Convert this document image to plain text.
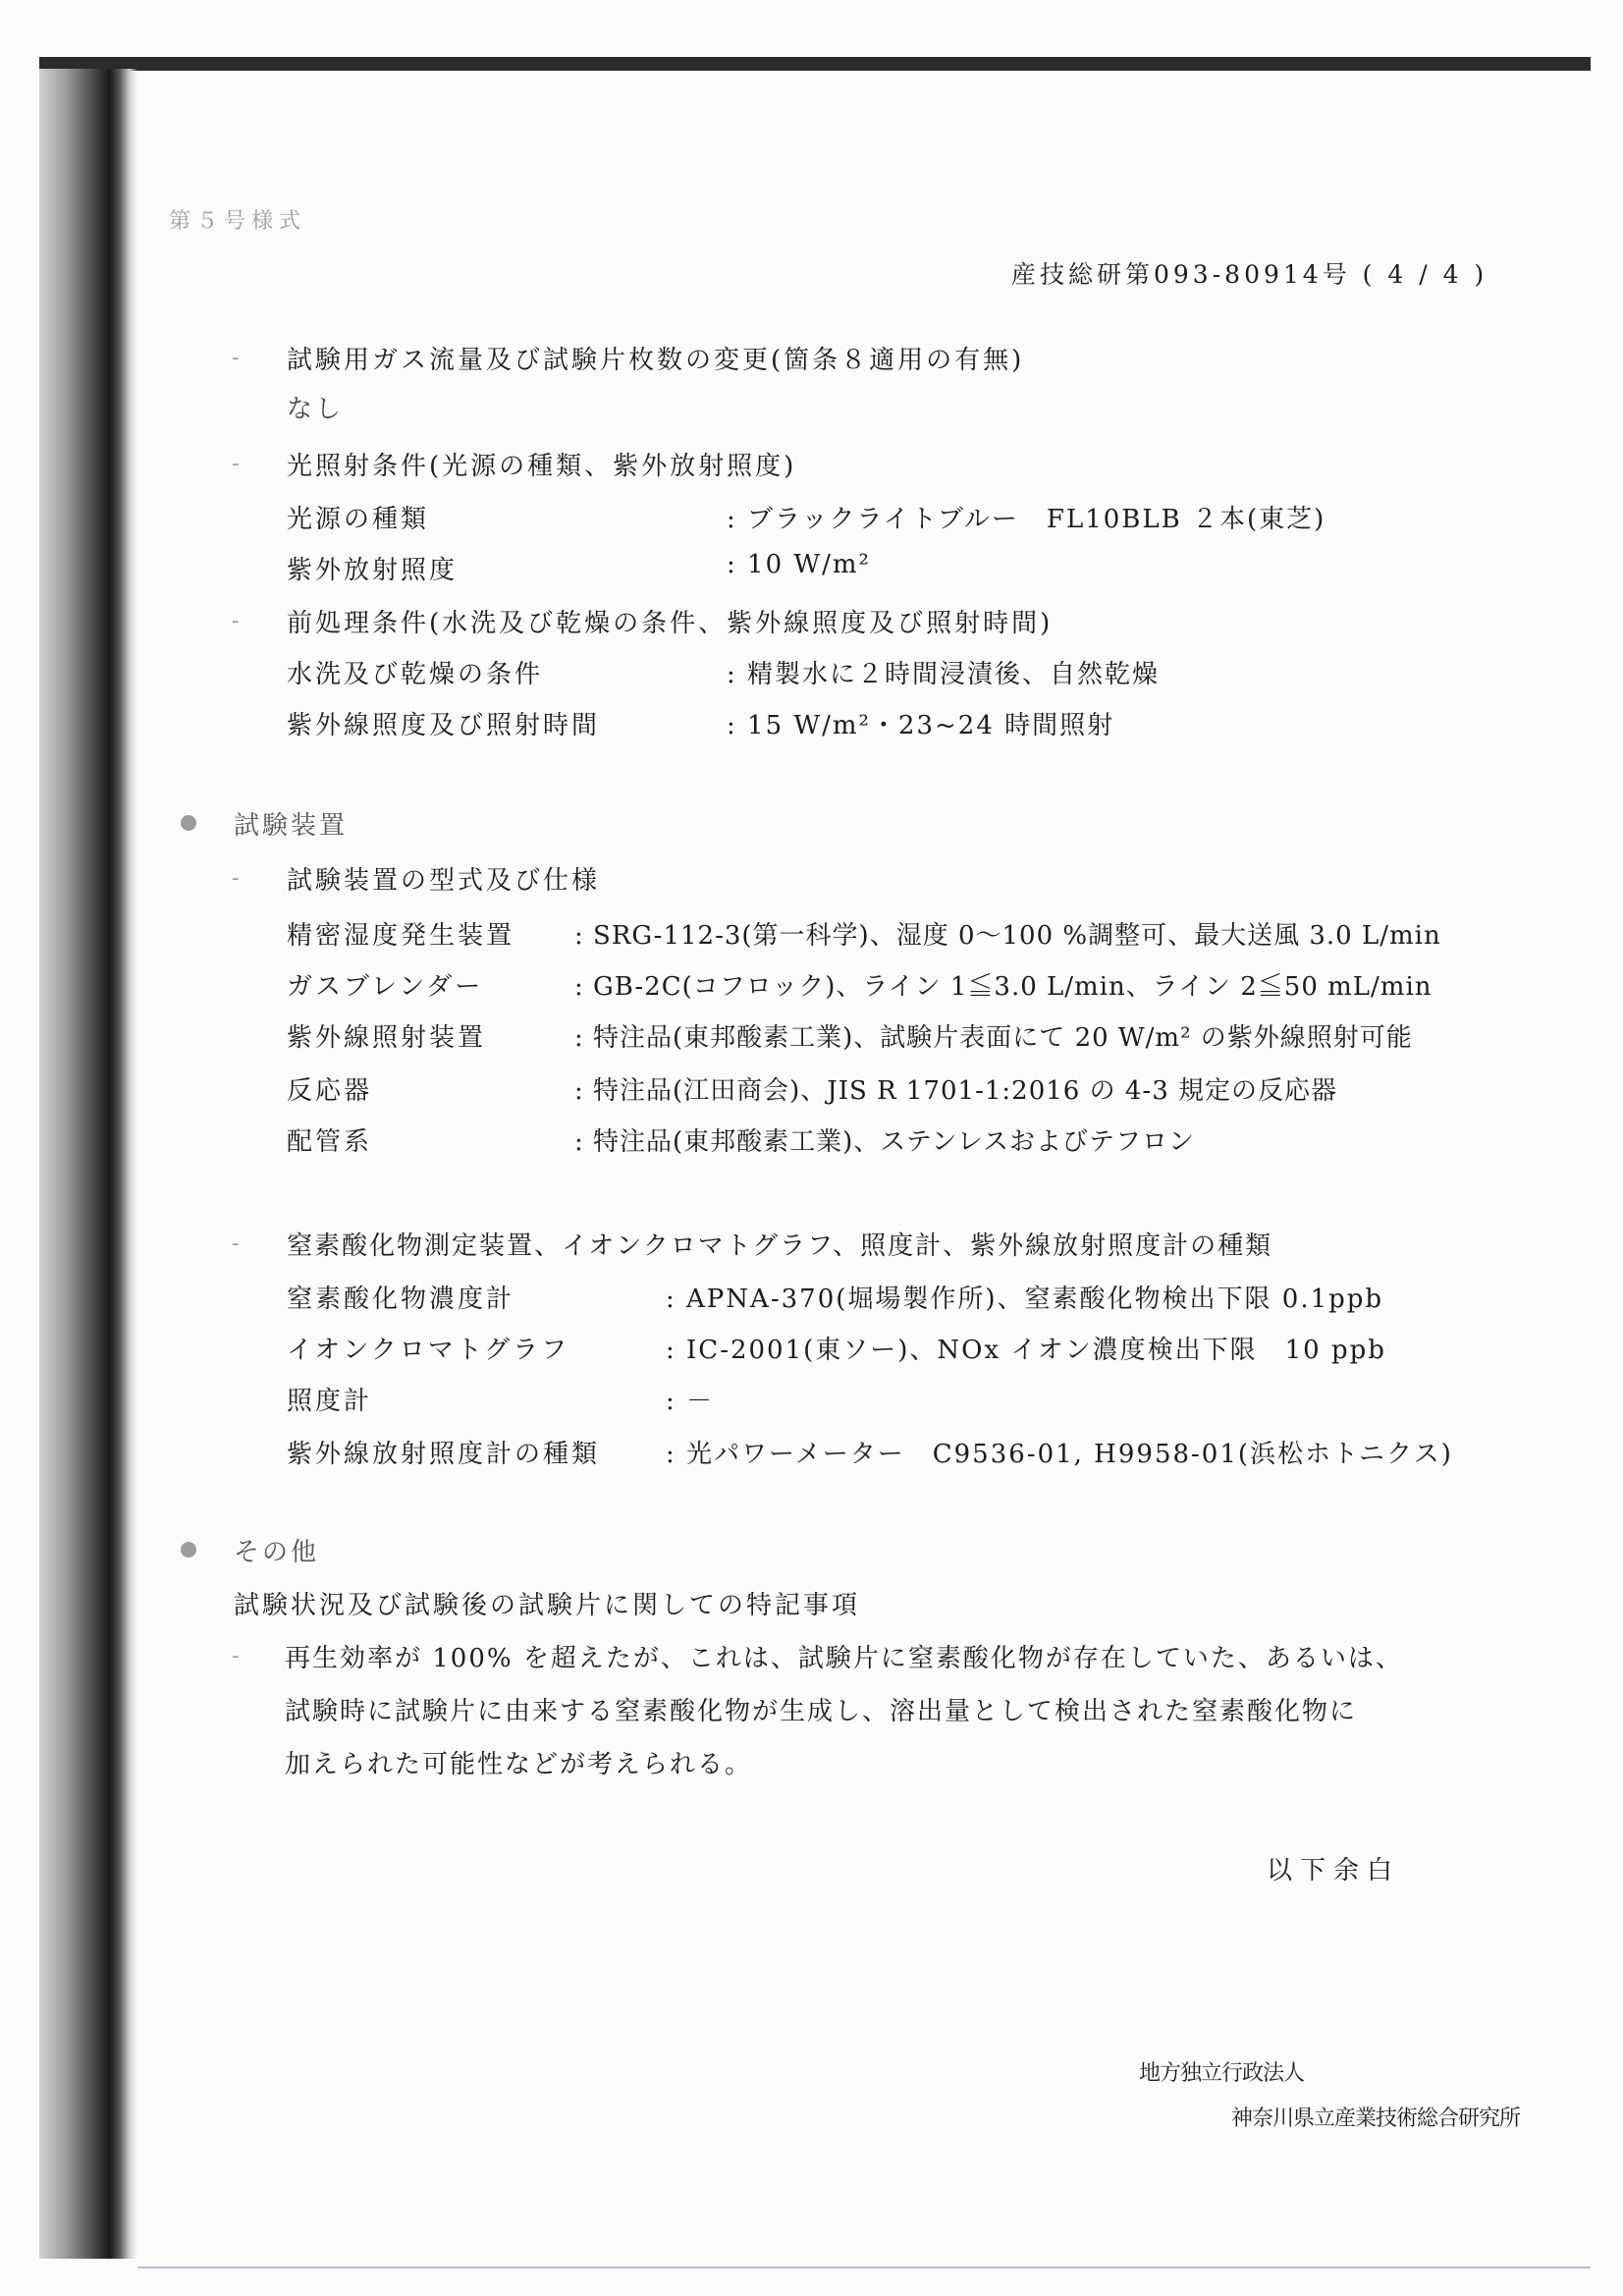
第５号様式
産技総研第093-80914号 ( 4 / 4 )
- 試験用ガス流量及び試験片枚数の変更(箇条８適用の有無)
なし
- 光照射条件(光源の種類、紫外放射照度)
光源の種類	: ブラックライトブルー　FL10BLB ２本(東芝)
紫外放射照度	: 10 W/m²
- 前処理条件(水洗及び乾燥の条件、紫外線照度及び照射時間)
水洗及び乾燥の条件	: 精製水に２時間浸漬後、自然乾燥
紫外線照度及び照射時間	: 15 W/m²・23~24 時間照射
試験装置
- 試験装置の型式及び仕様
精密湿度発生装置 : SRG-112-3(第一科学)、湿度 0～100 %調整可、最大送風 3.0 L/min
ガスブレンダー	: GB-2C(コフロック)、ライン 1≦3.0 L/min、ライン 2≦50 mL/min
紫外線照射装置	: 特注品(東邦酸素工業)、試験片表面にて 20 W/m² の紫外線照射可能
反応器	: 特注品(江田商会)、JIS R 1701-1:2016 の 4-3 規定の反応器
配管系	: 特注品(東邦酸素工業)、ステンレスおよびテフロン
- 窒素酸化物測定装置、イオンクロマトグラフ、照度計、紫外線放射照度計の種類
窒素酸化物濃度計	: APNA-370(堀場製作所)、窒素酸化物検出下限 0.1ppb
イオンクロマトグラフ	: IC-2001(東ソー)、NOx イオン濃度検出下限　10 ppb
照度計	: －
紫外線放射照度計の種類	: 光パワーメーター　C9536-01, H9958-01(浜松ホトニクス)
その他
試験状況及び試験後の試験片に関しての特記事項
- 再生効率が 100% を超えたが、これは、試験片に窒素酸化物が存在していた、あるいは、
試験時に試験片に由来する窒素酸化物が生成し、溶出量として検出された窒素酸化物に
加えられた可能性などが考えられる。
以下余白
地方独立行政法人
神奈川県立産業技術総合研究所
